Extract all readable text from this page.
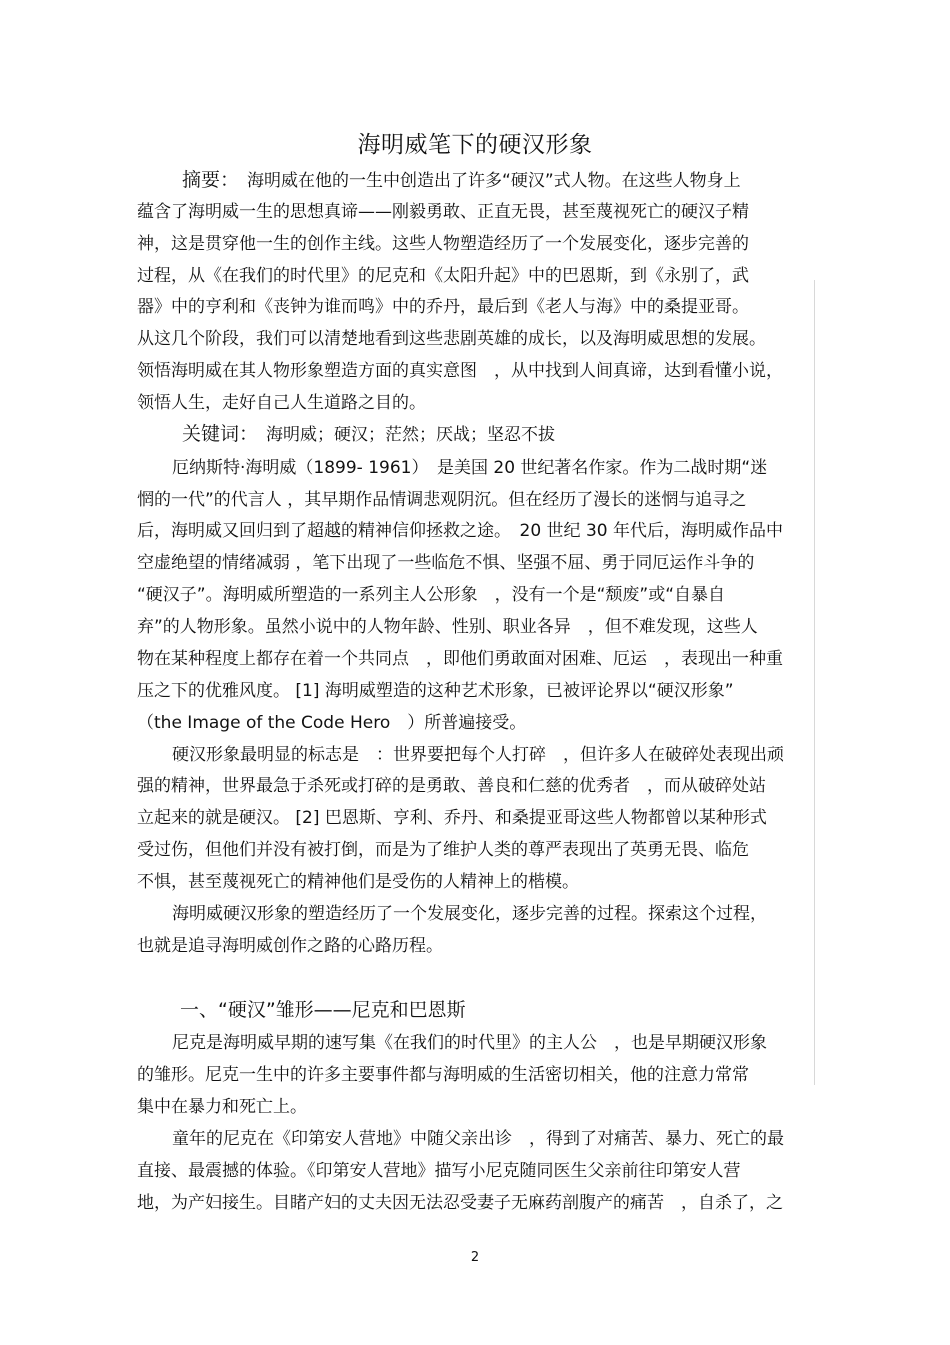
海明威笔下的硬汉形象
摘要： 海明威在他的一生中创造出了许多“硬汉”式人物。在这些人物身上
蕴含了海明威一生的思想真谛——刚毅勇敢、正直无畏，甚至蔑视死亡的硬汉子精
神，这是贯穿他一生的创作主线。这些人物塑造经历了一个发展变化，逐步完善的
过程，从《在我们的时代里》的尼克和《太阳升起》中的巴恩斯，到《永别了，武
器》中的亨利和《丧钟为谁而鸣》中的乔丹，最后到《老人与海》中的桑提亚哥。
从这几个阶段，我们可以清楚地看到这些悲剧英雄的成长，以及海明威思想的发展。
领悟海明威在其人物形象塑造方面的真实意图　，从中找到人间真谛，达到看懂小说，
领悟人生，走好自己人生道路之目的。
关键词： 海明威；硬汉；茫然；厌战；坚忍不拔
厄纳斯特·海明威（1899- 1961）　是美国 20 世纪著名作家。作为二战时期“迷
惘的一代”的代言人 ，其早期作品情调悲观阴沉。但在经历了漫长的迷惘与追寻之
后，海明威又回归到了超越的精神信仰拯救之途。　20 世纪 30 年代后，海明威作品中
空虚绝望的情绪减弱 ，笔下出现了一些临危不惧、坚强不屈、勇于同厄运作斗争的
“硬汉子”。海明威所塑造的一系列主人公形象　，没有一个是“颓废”或“自暴自
弃”的人物形象。虽然小说中的人物年龄、性别、职业各异　，但不难发现，这些人
物在某种程度上都存在着一个共同点　，即他们勇敢面对困难、厄运　，表现出一种重
压之下的优雅风度。 [1] 海明威塑造的这种艺术形象，已被评论界以“硬汉形象”
（the Image of the Code Hero　）所普遍接受。
硬汉形象最明显的标志是　：世界要把每个人打碎　，但许多人在破碎处表现出顽
强的精神，世界最急于杀死或打碎的是勇敢、善良和仁慈的优秀者　，而从破碎处站
立起来的就是硬汉。 [2] 巴恩斯、亨利、乔丹、和桑提亚哥这些人物都曾以某种形式
受过伤，但他们并没有被打倒，而是为了维护人类的尊严表现出了英勇无畏、临危
不惧，甚至蔑视死亡的精神他们是受伤的人精神上的楷模。
海明威硬汉形象的塑造经历了一个发展变化，逐步完善的过程。探索这个过程，
也就是追寻海明威创作之路的心路历程。
一、“硬汉”雏形——尼克和巴恩斯
尼克是海明威早期的速写集《在我们的时代里》的主人公　，也是早期硬汉形象
的雏形。尼克一生中的许多主要事件都与海明威的生活密切相关，他的注意力常常
集中在暴力和死亡上。
童年的尼克在《印第安人营地》中随父亲出诊　，得到了对痛苦、暴力、死亡的最
直接、最震撼的体验。《印第安人营地》描写小尼克随同医生父亲前往印第安人营
地，为产妇接生。目睹产妇的丈夫因无法忍受妻子无麻药剖腹产的痛苦　，自杀了，之
2
